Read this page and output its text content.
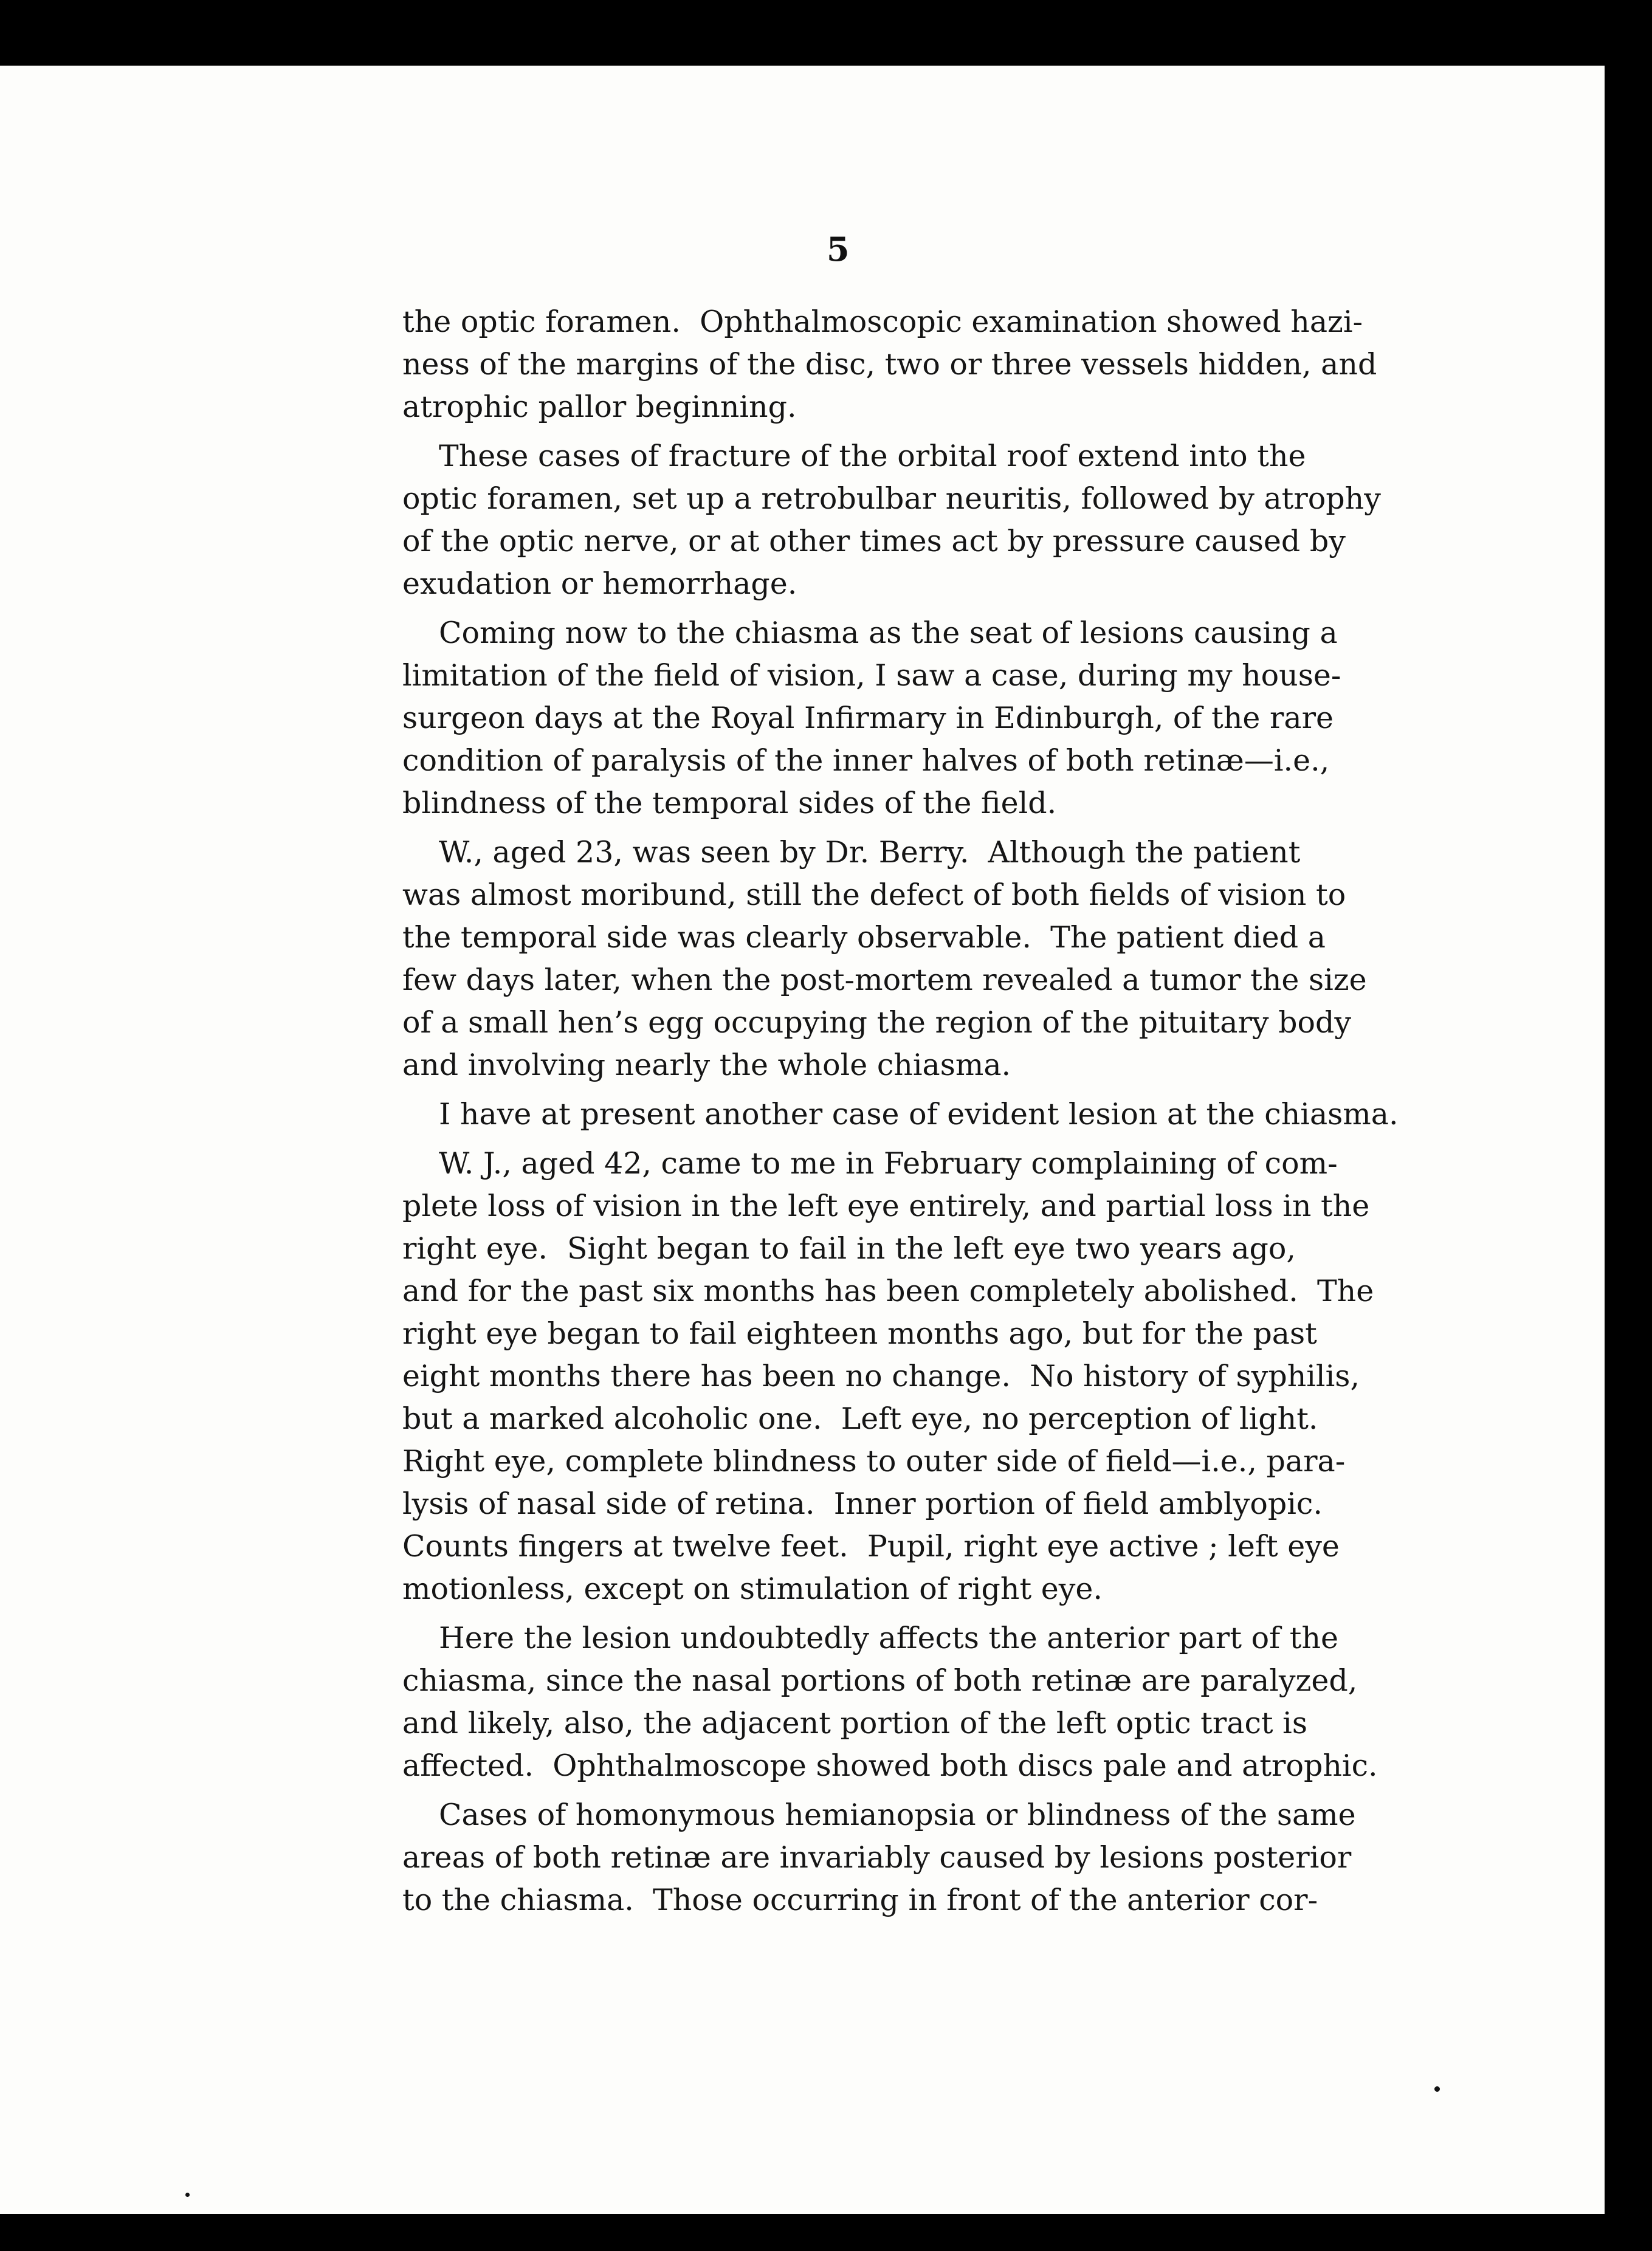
5
the optic foramen.  Ophthalmoscopic examination showed hazi-
ness of the margins of the disc, two or three vessels hidden, and
atrophic pallor beginning.
These cases of fracture of the orbital roof extend into the
optic foramen, set up a retrobulbar neuritis, followed by atrophy
of the optic nerve, or at other times act by pressure caused by
exudation or hemorrhage.
Coming now to the chiasma as the seat of lesions causing a
limitation of the field of vision, I saw a case, during my house-
surgeon days at the Royal Infirmary in Edinburgh, of the rare
condition of paralysis of the inner halves of both retinæ—i.e.,
blindness of the temporal sides of the field.
W., aged 23, was seen by Dr. Berry.  Although the patient
was almost moribund, still the defect of both fields of vision to
the temporal side was clearly observable.  The patient died a
few days later, when the post-mortem revealed a tumor the size
of a small hen’s egg occupying the region of the pituitary body
and involving nearly the whole chiasma.
I have at present another case of evident lesion at the chiasma.
W. J., aged 42, came to me in February complaining of com-
plete loss of vision in the left eye entirely, and partial loss in the
right eye.  Sight began to fail in the left eye two years ago,
and for the past six months has been completely abolished.  The
right eye began to fail eighteen months ago, but for the past
eight months there has been no change.  No history of syphilis,
but a marked alcoholic one.  Left eye, no perception of light.
Right eye, complete blindness to outer side of field—i.e., para-
lysis of nasal side of retina.  Inner portion of field amblyopic.
Counts fingers at twelve feet.  Pupil, right eye active ; left eye
motionless, except on stimulation of right eye.
Here the lesion undoubtedly affects the anterior part of the
chiasma, since the nasal portions of both retinæ are paralyzed,
and likely, also, the adjacent portion of the left optic tract is
affected.  Ophthalmoscope showed both discs pale and atrophic.
Cases of homonymous hemianopsia or blindness of the same
areas of both retinæ are invariably caused by lesions posterior
to the chiasma.  Those occurring in front of the anterior cor-
